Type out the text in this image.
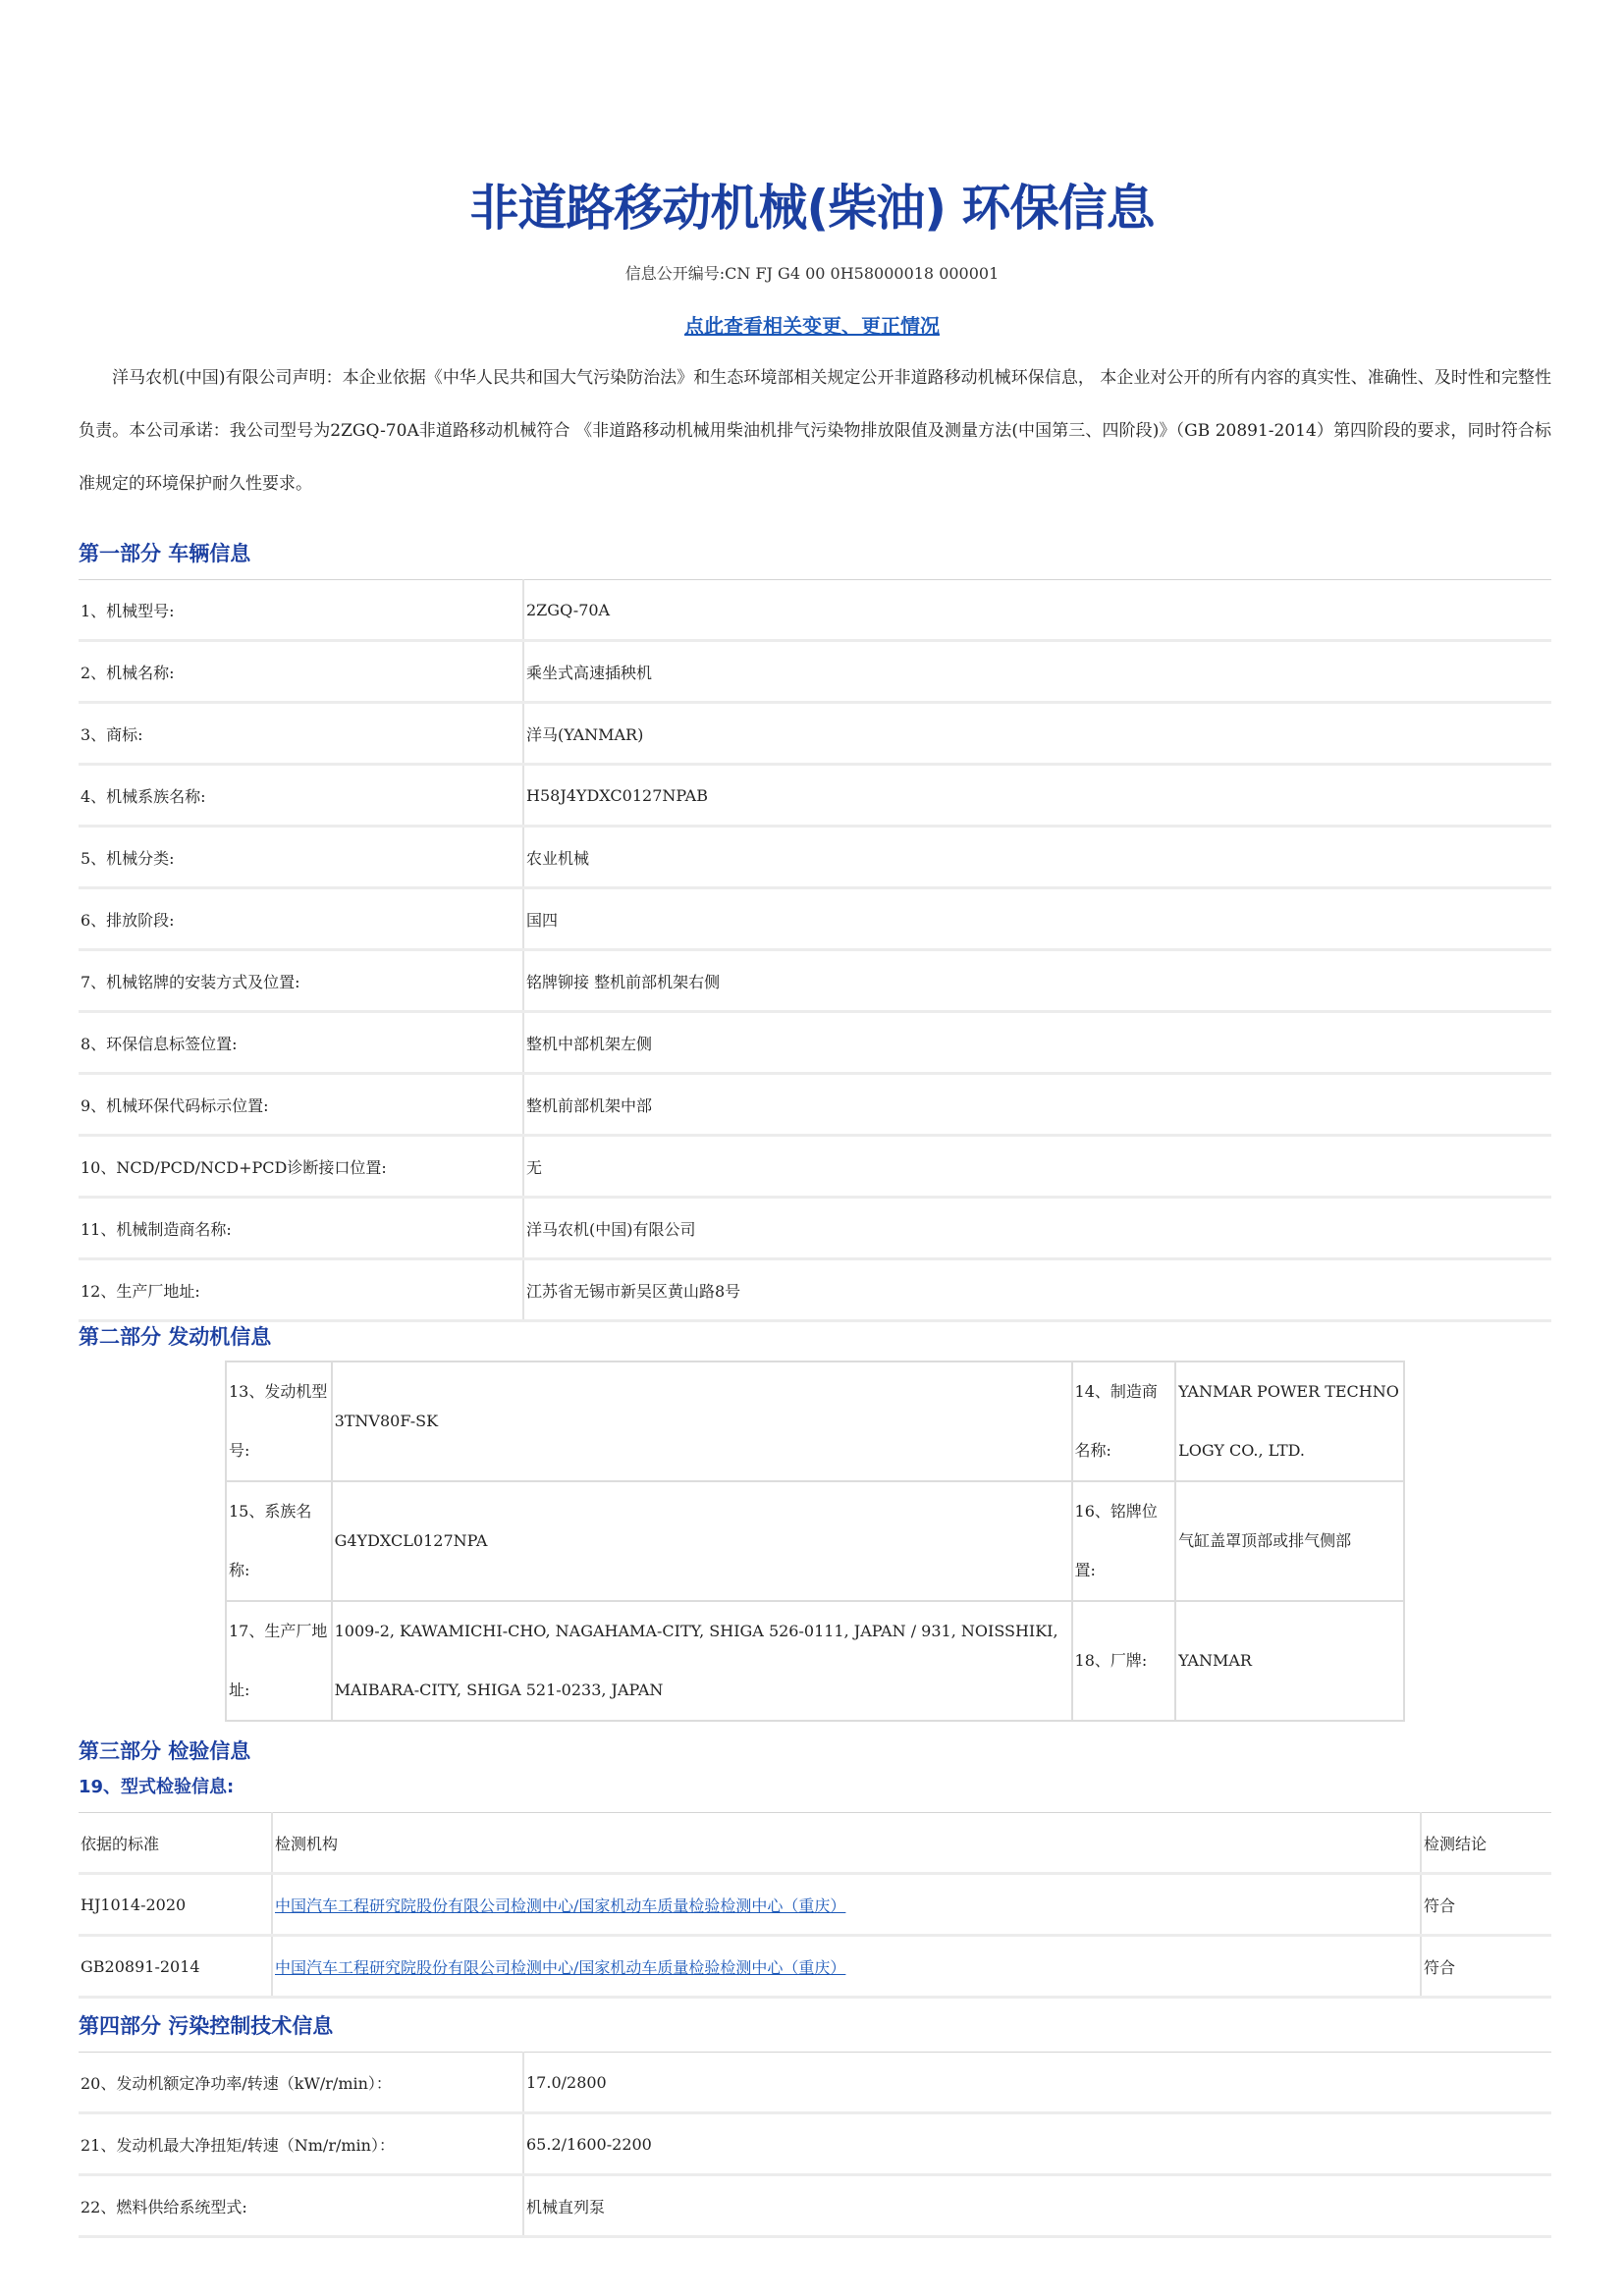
非道路移动机械(柴油) 环保信息
信息公开编号:CN FJ G4 00 0H58000018 000001
点此查看相关变更、更正情况
洋马农机(中国)有限公司声明：本企业依据《中华人民共和国大气污染防治法》和生态环境部相关规定公开非道路移动机械环保信息， 本企业对公开的所有内容的真实性、准确性、及时性和完整性负责。本公司承诺：我公司型号为2ZGQ-70A非道路移动机械符合 《非道路移动机械用柴油机排气污染物排放限值及测量方法(中国第三、四阶段)》（GB 20891-2014）第四阶段的要求，同时符合标准规定的环境保护耐久性要求。
第一部分 车辆信息
1、机械型号:	2ZGQ-70A
2、机械名称:	乘坐式高速插秧机
3、商标:	洋马(YANMAR)
4、机械系族名称:	H58J4YDXC0127NPAB
5、机械分类:	农业机械
6、排放阶段:	国四
7、机械铭牌的安装方式及位置:	铭牌铆接 整机前部机架右侧
8、环保信息标签位置:	整机中部机架左侧
9、机械环保代码标示位置:	整机前部机架中部
10、NCD/PCD/NCD+PCD诊断接口位置:	无
11、机械制造商名称:	洋马农机(中国)有限公司
12、生产厂地址:	江苏省无锡市新吴区黄山路8号
第二部分 发动机信息
13、发动机型号:	3TNV80F-SK	14、制造商名称:	YANMAR POWER TECHNOLOGY CO., LTD.
15、系族名称:	G4YDXCL0127NPA	16、铭牌位置:	气缸盖罩顶部或排气侧部
17、生产厂地址:	1009-2, KAWAMICHI-CHO, NAGAHAMA-CITY, SHIGA 526-0111, JAPAN / 931, NOISSHIKI, MAIBARA-CITY, SHIGA 521-0233, JAPAN	18、厂牌:	YANMAR
第三部分 检验信息
19、型式检验信息:
依据的标准	检测机构	检测结论
HJ1014-2020	中国汽车工程研究院股份有限公司检测中心/国家机动车质量检验检测中心（重庆）	符合
GB20891-2014	中国汽车工程研究院股份有限公司检测中心/国家机动车质量检验检测中心（重庆）	符合
第四部分 污染控制技术信息
20、发动机额定净功率/转速（kW/r/min）：	17.0/2800
21、发动机最大净扭矩/转速（Nm/r/min）：	65.2/1600-2200
22、燃料供给系统型式:	机械直列泵
